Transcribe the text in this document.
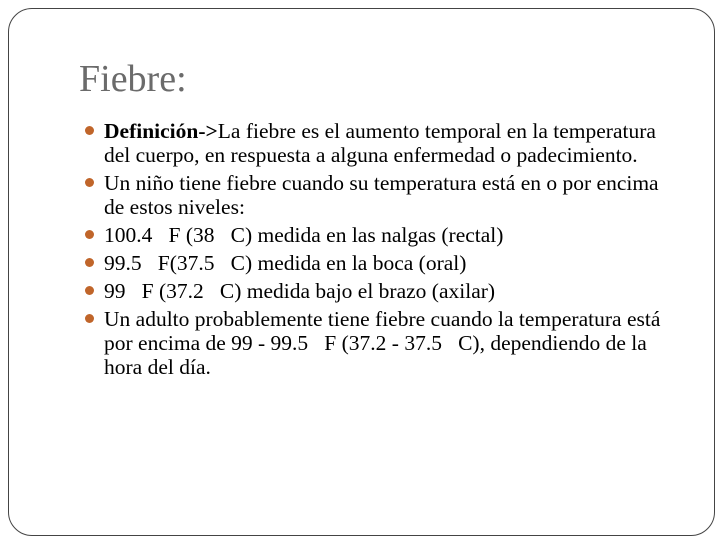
Fiebre:
Definición->La fiebre es el aumento temporal en la temperatura del cuerpo, en respuesta a alguna enfermedad o padecimiento.
Un niño tiene fiebre cuando su temperatura está en o por encima de estos niveles:
100.4   F (38   C) medida en las nalgas (rectal)
99.5   F(37.5   C) medida en la boca (oral)
99   F (37.2   C) medida bajo el brazo (axilar)
Un adulto probablemente tiene fiebre cuando la temperatura está por encima de 99 - 99.5   F (37.2 - 37.5   C), dependiendo de la hora del día.
